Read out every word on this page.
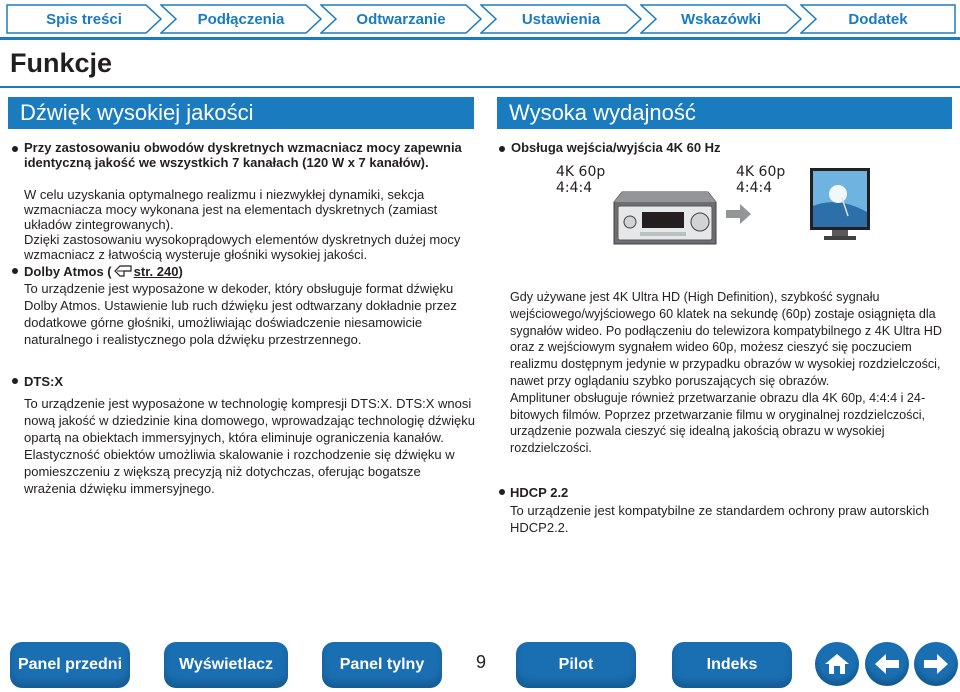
Spis treści	Podłączenia	Odtwarzanie	Ustawienia	Wskazówki	Dodatek
Funkcje
Dźwięk wysokiej jakości
Przy zastosowaniu obwodów dyskretnych wzmacniacz mocy zapewnia identyczną jakość we wszystkich 7 kanałach (120 W x 7 kanałów).
W celu uzyskania optymalnego realizmu i niezwykłej dynamiki, sekcja wzmacniacza mocy wykonana jest na elementach dyskretnych (zamiast układów zintegrowanych).
Dzięki zastosowaniu wysokoprądowych elementów dyskretnych dużej mocy wzmacniacz z łatwością wysteruje głośniki wysokiej jakości.
Dolby Atmos ( str. 240)
To urządzenie jest wyposażone w dekoder, który obsługuje format dźwięku Dolby Atmos. Ustawienie lub ruch dźwięku jest odtwarzany dokładnie przez dodatkowe górne głośniki, umożliwiając doświadczenie niesamowicie naturalnego i realistycznego pola dźwięku przestrzennego.
DTS:X
To urządzenie jest wyposażone w technologię kompresji DTS:X. DTS:X wnosi nową jakość w dziedzinie kina domowego, wprowadzając technologię dźwięku opartą na obiektach immersyjnych, która eliminuje ograniczenia kanałów. Elastyczność obiektów umożliwia skalowanie i rozchodzenie się dźwięku w pomieszczeniu z większą precyzją niż dotychczas, oferując bogatsze wrażenia dźwięku immersyjnego.
Wysoka wydajność
Obsługa wejścia/wyjścia 4K 60 Hz
4K 60p
4:4:4
4K 60p
4:4:4
Gdy używane jest 4K Ultra HD (High Definition), szybkość sygnału wejściowego/wyjściowego 60 klatek na sekundę (60p) zostaje osiągnięta dla sygnałów wideo. Po podłączeniu do telewizora kompatybilnego z 4K Ultra HD oraz z wejściowym sygnałem wideo 60p, możesz cieszyć się poczuciem realizmu dostępnym jedynie w przypadku obrazów w wysokiej rozdzielczości, nawet przy oglądaniu szybko poruszających się obrazów.
Amplituner obsługuje również przetwarzanie obrazu dla 4K 60p, 4:4:4 i 24-bitowych filmów. Poprzez przetwarzanie filmu w oryginalnej rozdzielczości, urządzenie pozwala cieszyć się idealną jakością obrazu w wysokiej rozdzielczości.
HDCP 2.2
To urządzenie jest kompatybilne ze standardem ochrony praw autorskich HDCP2.2.
Panel przedni	Wyświetlacz	Panel tylny	9	Pilot	Indeks
